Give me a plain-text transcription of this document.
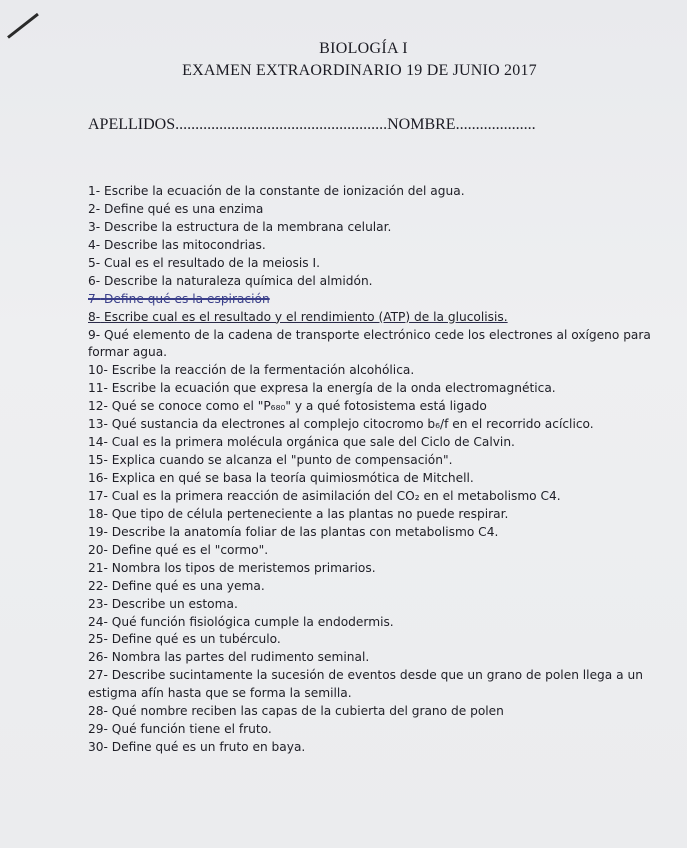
BIOLOGÍA I
EXAMEN EXTRAORDINARIO 19 DE JUNIO 2017
APELLIDOS.....................................................NOMBRE....................
1- Escribe la ecuación de la constante de ionización del agua.
2- Define qué es una enzima
3- Describe la estructura de la membrana celular.
4- Describe las mitocondrias.
5- Cual es el resultado de la meiosis I.
6- Describe la naturaleza química del almidón.
7- Define qué es la espiración
8- Escribe cual es el resultado y el rendimiento (ATP) de la glucolisis.
9- Qué elemento de la cadena de transporte electrónico cede los electrones al oxígeno para formar agua.
10- Escribe la reacción de la fermentación alcohólica.
11- Escribe la ecuación que expresa la energía de la onda electromagnética.
12- Qué se conoce como el "P₆₈₀" y a qué fotosistema está ligado
13- Qué sustancia da electrones al complejo citocromo b₆/f en el recorrido acíclico.
14- Cual es la primera molécula orgánica que sale del Ciclo de Calvin.
15- Explica cuando se alcanza el "punto de compensación".
16- Explica en qué se basa la teoría quimiosmótica de Mitchell.
17- Cual es la primera reacción de asimilación del CO₂ en el metabolismo C4.
18- Que tipo de célula perteneciente a las plantas no puede respirar.
19- Describe la anatomía foliar de las plantas con metabolismo C4.
20- Define qué es el "cormo".
21- Nombra los tipos de meristemos primarios.
22- Define qué es una yema.
23- Describe un estoma.
24- Qué función fisiológica cumple la endodermis.
25- Define qué es un tubérculo.
26- Nombra las partes del rudimento seminal.
27- Describe sucintamente la sucesión de eventos desde que un grano de polen llega a un estigma afín hasta que se forma la semilla.
28- Qué nombre reciben las capas de la cubierta del grano de polen
29- Qué función tiene el fruto.
30- Define qué es un fruto en baya.
